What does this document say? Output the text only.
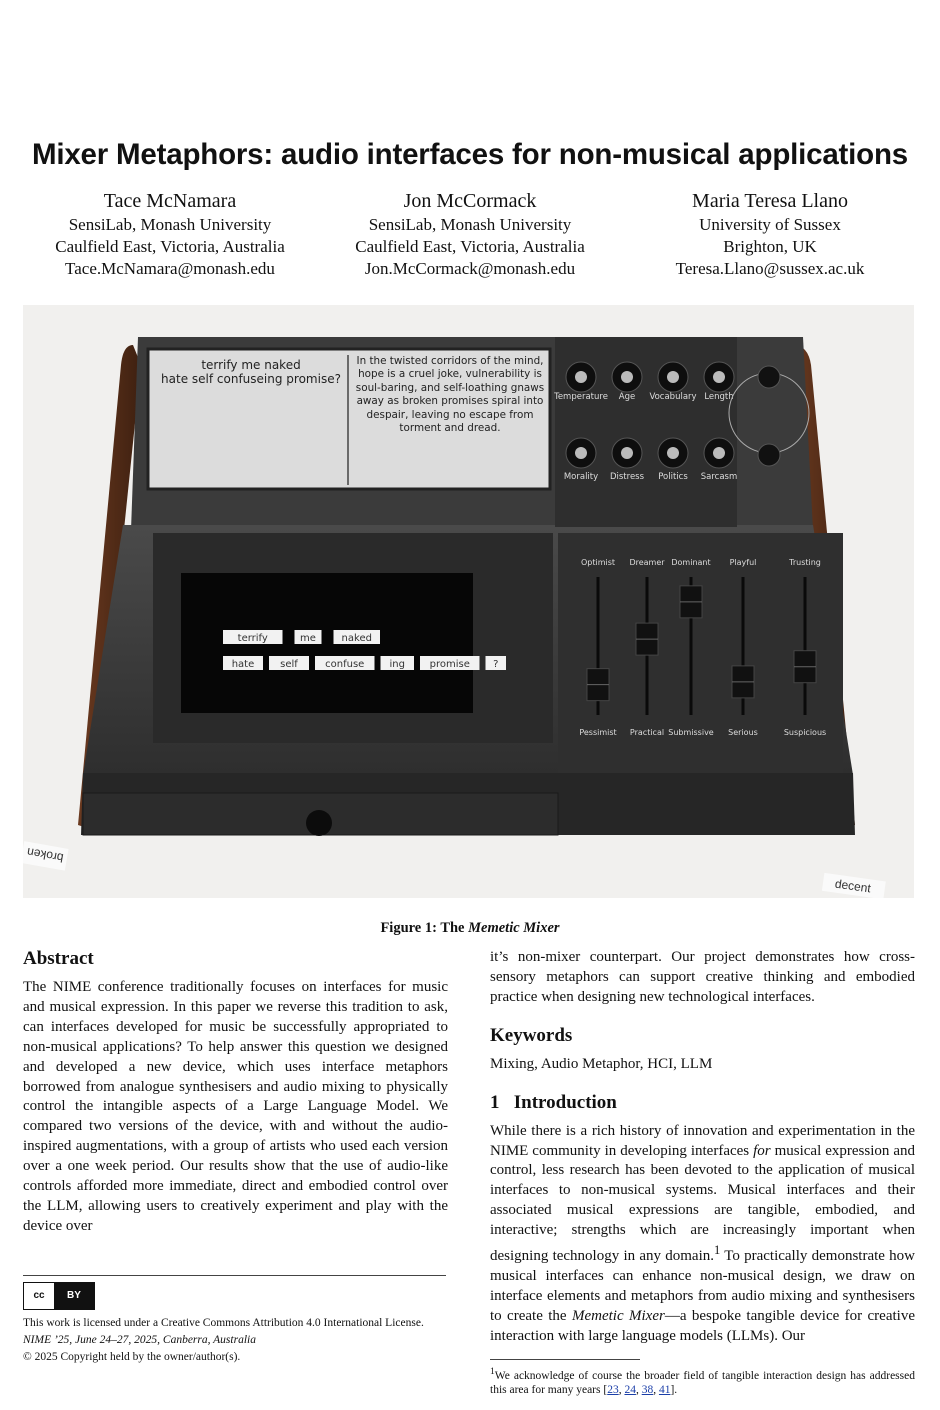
Mixer Metaphors: audio interfaces for non-musical applications
Tace McNamara
SensiLab, Monash University
Caulfield East, Victoria, Australia
Tace.McNamara@monash.edu
Jon McCormack
SensiLab, Monash University
Caulfield East, Victoria, Australia
Jon.McCormack@monash.edu
Maria Teresa Llano
University of Sussex
Brighton, UK
Teresa.Llano@sussex.ac.uk
broken
decent
terrify me naked
hate self confuseing promise?
In the twisted corridors of the mind, hope is a cruel joke, vulnerability is soul-baring, and self-loathing gnaws away as broken promises spiral into despair, leaving no escape from torment and dread.
terrify	me	naked
hate	self	confuse	ing promise ?
Temperature Age Vocabulary Length
Morality Distress Politics Sarcasm
Optimist
Pessimist
Dreamer
Practical
Dominant
Submissive
Playful
Serious
Trusting
Suspicious
Figure 1: The Memetic Mixer
Abstract

The NIME conference traditionally focuses on interfaces for music and musical expression. In this paper we reverse this tradition to ask, can interfaces developed for music be successfully appropriated to non-musical applications? To help answer this question we designed and developed a new device, which uses interface metaphors borrowed from analogue synthesisers and audio mixing to physically control the intangible aspects of a Large Language Model. We compared two versions of the device, with and without the audio-inspired augmentations, with a group of artists who used each version over a one week period. Our results show that the use of audio-like controls afforded more immediate, direct and embodied control over the LLM, allowing users to creatively experiment and play with the device over

cc	BY
This work is licensed under a Creative Commons Attribution 4.0 International License.
NIME ’25, June 24–27, 2025, Canberra, Australia
© 2025 Copyright held by the owner/author(s).

it’s non-mixer counterpart. Our project demonstrates how cross-sensory metaphors can support creative thinking and embodied practice when designing new technological interfaces.

Keywords

Mixing, Audio Metaphor, HCI, LLM

1   Introduction

While there is a rich history of innovation and experimentation in the NIME community in developing interfaces for musical expression and control, less research has been devoted to the application of musical interfaces to non-musical systems. Musical interfaces and their associated musical expressions are tangible, embodied, and interactive; strengths which are increasingly important when designing technology in any domain.$^1$ To practically demonstrate how musical interfaces can enhance non-musical design, we draw on interface elements and metaphors from audio mixing and synthesisers to create the Memetic Mixer—a bespoke tangible device for creative interaction with large language models (LLMs). Our

$^1$We acknowledge of course the broader field of tangible interaction design has addressed this area for many years [23, 24, 38, 41].
